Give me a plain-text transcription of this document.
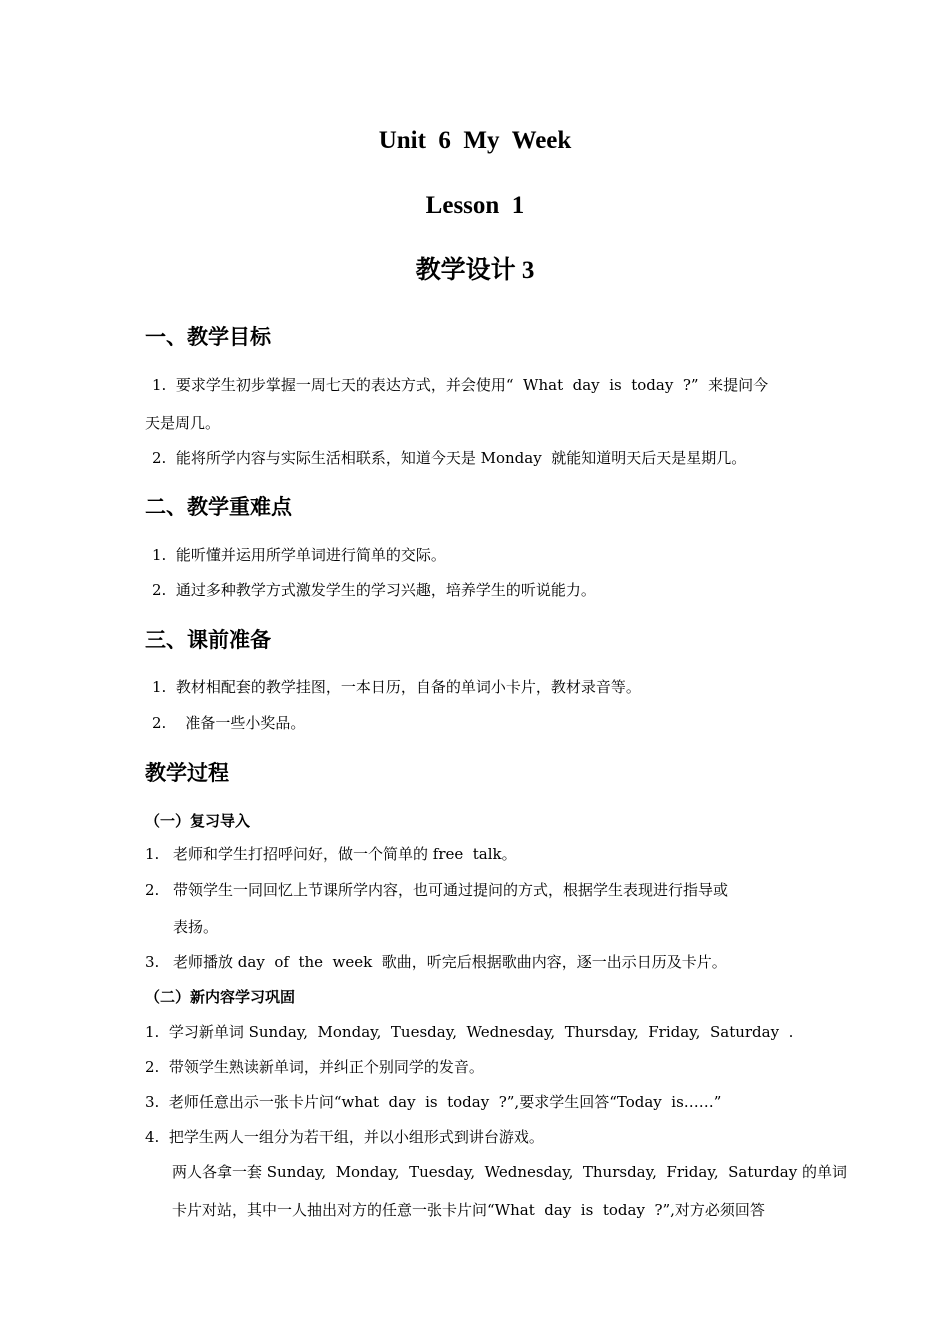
Unit  6  My  Week
Lesson  1
教学设计 3
一、教学目标
1.  要求学生初步掌握一周七天的表达方式，并会使用“  What  day  is  today  ?”  来提问今
天是周几。
2.  能将所学内容与实际生活相联系，知道今天是 Monday  就能知道明天后天是星期几。
二、教学重难点
1.  能听懂并运用所学单词进行简单的交际。
2.  通过多种教学方式激发学生的学习兴趣，培养学生的听说能力。
三、课前准备
1.  教材相配套的教学挂图，一本日历，自备的单词小卡片，教材录音等。
2.    准备一些小奖品。
教学过程
（一）复习导入
1. 老师和学生打招呼问好，做一个简单的 free  talk。
2. 带领学生一同回忆上节课所学内容，也可通过提问的方式，根据学生表现进行指导或
表扬。
3. 老师播放 day  of  the  week  歌曲，听完后根据歌曲内容，逐一出示日历及卡片。
（二）新内容学习巩固
1.  学习新单词 Sunday,  Monday,  Tuesday,  Wednesday,  Thursday,  Friday,  Saturday  .
2.  带领学生熟读新单词，并纠正个别同学的发音。
3.  老师任意出示一张卡片问“what  day  is  today  ?”,要求学生回答“Today  is……”
4.  把学生两人一组分为若干组，并以小组形式到讲台游戏。
两人各拿一套 Sunday,  Monday,  Tuesday,  Wednesday,  Thursday,  Friday,  Saturday 的单词
卡片对站，其中一人抽出对方的任意一张卡片问“What  day  is  today  ?”,对方必须回答
